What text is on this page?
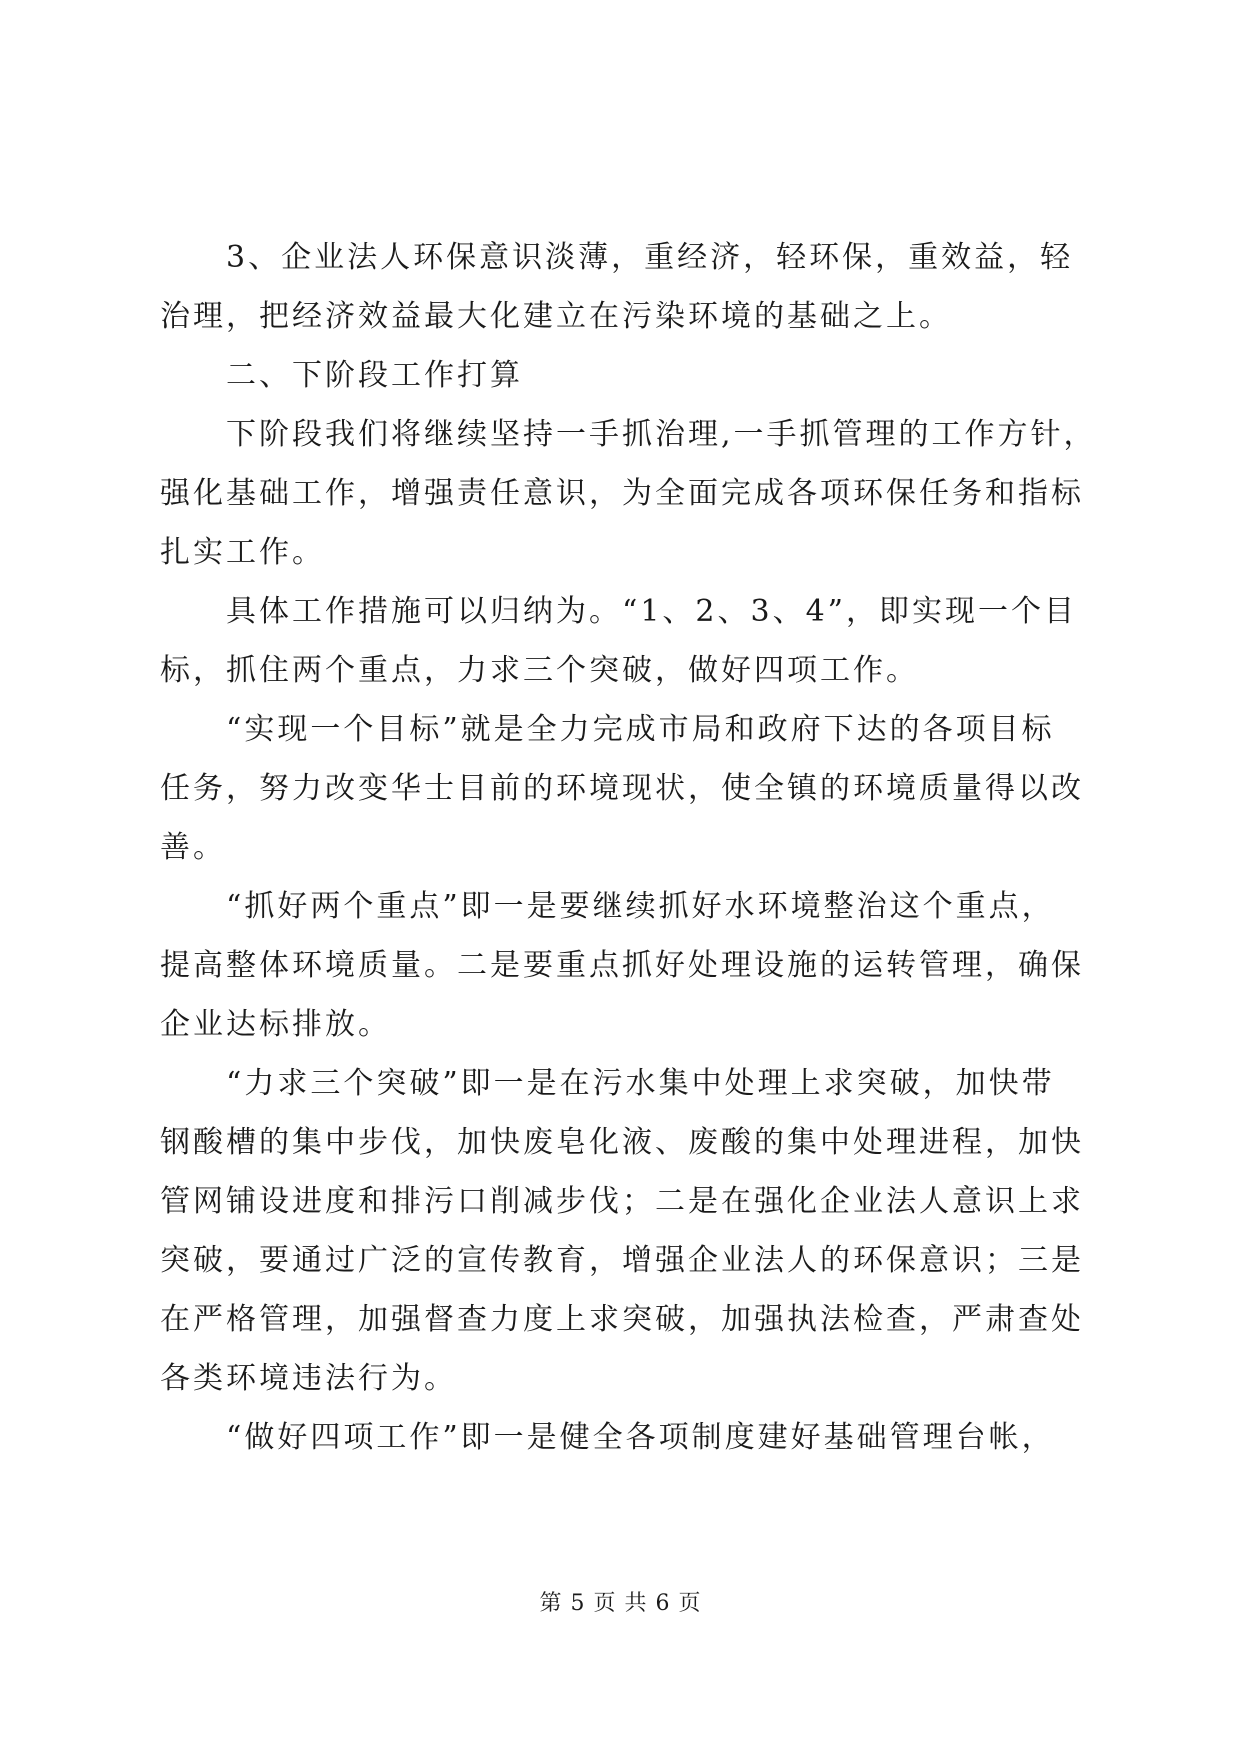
　　3、企业法人环保意识淡薄，重经济，轻环保，重效益，轻
治理，把经济效益最大化建立在污染环境的基础之上。
　　二、下阶段工作打算
　　下阶段我们将继续坚持一手抓治理,一手抓管理的工作方针，
强化基础工作，增强责任意识，为全面完成各项环保任务和指标
扎实工作。
　　具体工作措施可以归纳为。“1、2、3、4”，即实现一个目
标，抓住两个重点，力求三个突破，做好四项工作。
　　“实现一个目标”就是全力完成市局和政府下达的各项目标
任务，努力改变华士目前的环境现状，使全镇的环境质量得以改
善。
　　“抓好两个重点”即一是要继续抓好水环境整治这个重点，
提高整体环境质量。二是要重点抓好处理设施的运转管理，确保
企业达标排放。
　　“力求三个突破”即一是在污水集中处理上求突破，加快带
钢酸槽的集中步伐，加快废皂化液、废酸的集中处理进程，加快
管网铺设进度和排污口削减步伐；二是在强化企业法人意识上求
突破，要通过广泛的宣传教育，增强企业法人的环保意识；三是
在严格管理，加强督查力度上求突破，加强执法检查，严肃查处
各类环境违法行为。
　　“做好四项工作”即一是健全各项制度建好基础管理台帐，
第 5 页 共 6 页
